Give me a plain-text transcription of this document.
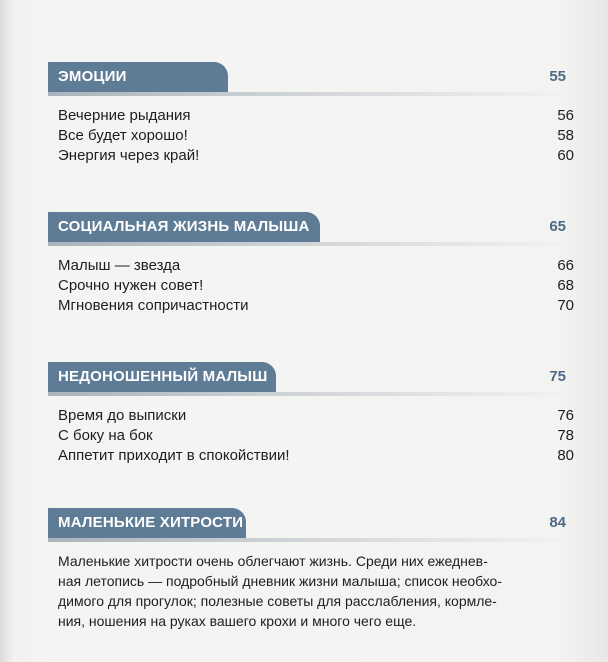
ЭМОЦИИ	55
Вечерние рыдания	56
Все будет хорошо!	58
Энергия через край!	60
СОЦИАЛЬНАЯ ЖИЗНЬ МАЛЫША	65
Малыш — звезда	66
Срочно нужен совет!	68
Мгновения сопричастности	70
НЕДОНОШЕННЫЙ МАЛЫШ	75
Время до выписки	76
С боку на бок	78
Аппетит приходит в спокойствии!	80
МАЛЕНЬКИЕ ХИТРОСТИ	84
Маленькие хитрости очень облегчают жизнь. Среди них ежеднев-
ная летопись — подробный дневник жизни малыша; список необхо-
димого для прогулок; полезные советы для расслабления, кормле-
ния, ношения на руках вашего крохи и много чего еще.
